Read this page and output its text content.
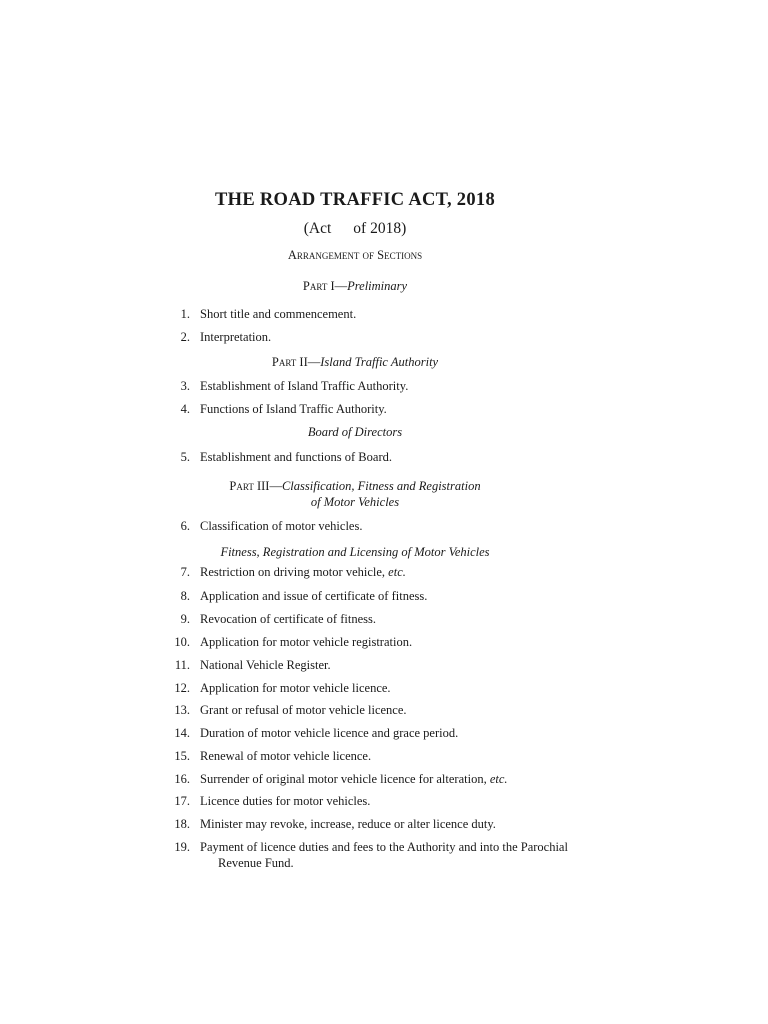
THE ROAD TRAFFIC ACT, 2018
(Act of 2018)
Arrangement of Sections
Part I—Preliminary
1. Short title and commencement.
2. Interpretation.
Part II—Island Traffic Authority
3. Establishment of Island Traffic Authority.
4. Functions of Island Traffic Authority.
Board of Directors
5. Establishment and functions of Board.
Part III—Classification, Fitness and Registration
of Motor Vehicles
6. Classification of motor vehicles.
Fitness, Registration and Licensing of Motor Vehicles
7. Restriction on driving motor vehicle, etc.
8. Application and issue of certificate of fitness.
9. Revocation of certificate of fitness.
10. Application for motor vehicle registration.
11. National Vehicle Register.
12. Application for motor vehicle licence.
13. Grant or refusal of motor vehicle licence.
14. Duration of motor vehicle licence and grace period.
15. Renewal of motor vehicle licence.
16. Surrender of original motor vehicle licence for alteration, etc.
17. Licence duties for motor vehicles.
18. Minister may revoke, increase, reduce or alter licence duty.
19. Payment of licence duties and fees to the Authority and into the Parochial
Revenue Fund.
